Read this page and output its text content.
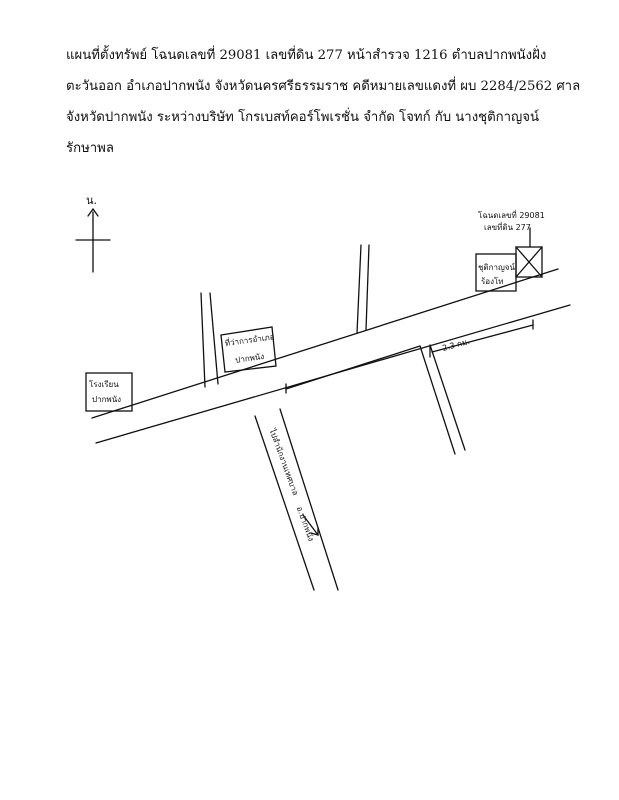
แผนที่ตั้งทรัพย์ โฉนดเลขที่ 29081 เลขที่ดิน 277 หน้าสำรวจ 1216 ตำบลปากพนังฝั่ง
ตะวันออก อำเภอปากพนัง จังหวัดนครศรีธรรมราช คดีหมายเลขแดงที่ ผบ 2284/2562 ศาล
จังหวัดปากพนัง ระหว่างบริษัท โกรเบสท์คอร์โพเรชั่น จำกัด โจทก์ กับ นางชุติกาญจน์
รักษาพล
น.
โรงเรียน
ปากพนัง
ที่ว่าการอำเภอ
ปากพนัง
โฉนดเลขที่ 29081
เลขที่ดิน 277
ชุติกาญจน์
ร้องโท
2.3 กม.
ไปสำนักงานเทศบาล
อ.ปากพนัง
